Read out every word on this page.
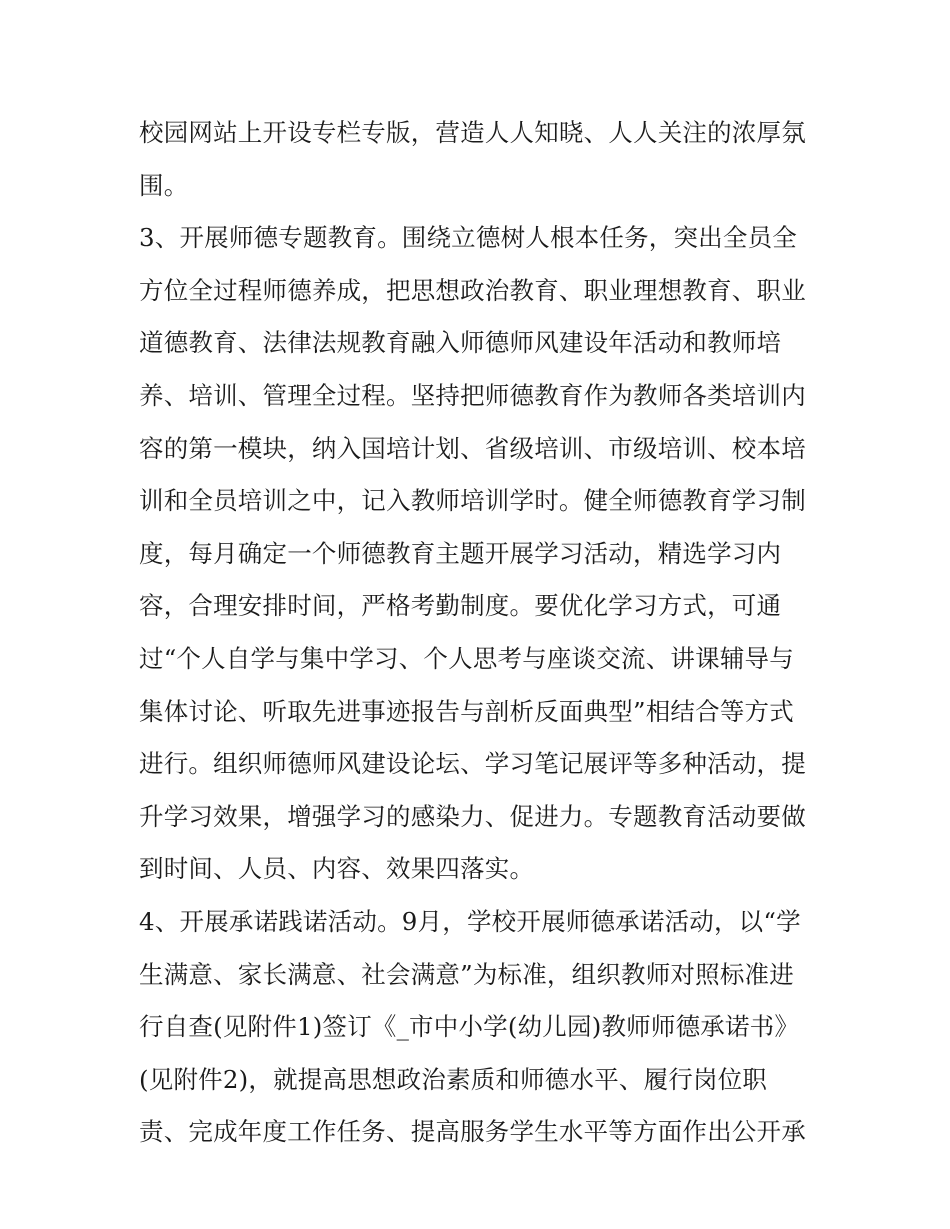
校园网站上开设专栏专版，营造人人知晓、人人关注的浓厚氛
围。
3、开展师德专题教育。围绕立德树人根本任务，突出全员全
方位全过程师德养成，把思想政治教育、职业理想教育、职业
道德教育、法律法规教育融入师德师风建设年活动和教师培
养、培训、管理全过程。坚持把师德教育作为教师各类培训内
容的第一模块，纳入国培计划、省级培训、市级培训、校本培
训和全员培训之中，记入教师培训学时。健全师德教育学习制
度，每月确定一个师德教育主题开展学习活动，精选学习内
容，合理安排时间，严格考勤制度。要优化学习方式，可通
过“个人自学与集中学习、个人思考与座谈交流、讲课辅导与
集体讨论、听取先进事迹报告与剖析反面典型”相结合等方式
进行。组织师德师风建设论坛、学习笔记展评等多种活动，提
升学习效果，增强学习的感染力、促进力。专题教育活动要做
到时间、人员、内容、效果四落实。
4、开展承诺践诺活动。9月，学校开展师德承诺活动，以“学
生满意、家长满意、社会满意”为标准，组织教师对照标准进
行自查(见附件1)签订《_市中小学(幼儿园)教师师德承诺书》
(见附件2)，就提高思想政治素质和师德水平、履行岗位职
责、完成年度工作任务、提高服务学生水平等方面作出公开承
